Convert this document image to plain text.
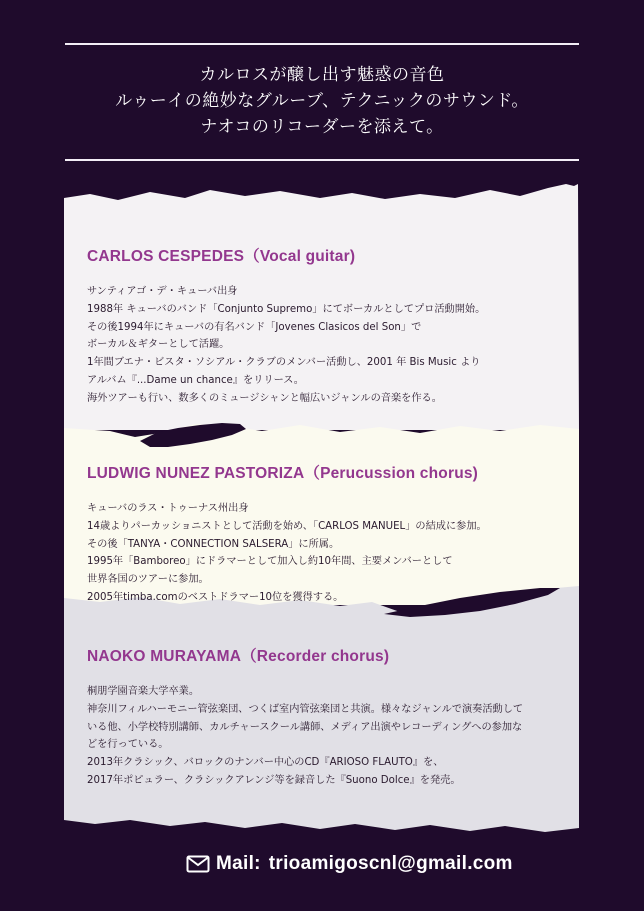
カルロスが醸し出す魅惑の音色
ルゥーイの絶妙なグルーブ、テクニックのサウンド。
ナオコのリコーダーを添えて。
CARLOS CESPEDES（Vocal guitar)
サンティアゴ・デ・キューバ出身
1988年 キューバのバンド「Conjunto Supremo」にてボーカルとしてプロ活動開始。
その後1994年にキューバの有名バンド「Jovenes Clasicos del Son」で
ボーカル＆ギターとして活躍。
1年間ブエナ・ビスタ・ソシアル・クラブのメンバー活動し、2001 年 Bis Music より
アルバム『...Dame un chance』をリリース。
海外ツアーも行い、数多くのミュージシャンと幅広いジャンルの音楽を作る。
LUDWIG NUNEZ PASTORIZA（Perucussion chorus)
キューバのラス・トゥーナス州出身
14歳よりパーカッショニストとして活動を始め、「CARLOS MANUEL」の結成に参加。
その後「TANYA・CONNECTION SALSERA」に所属。
1995年「Bamboreo」にドラマーとして加入し約10年間、主要メンバーとして
世界各国のツアーに参加。
2005年timba.comのベストドラマー10位を獲得する。
NAOKO MURAYAMA（Recorder chorus)
桐朋学園音楽大学卒業。
神奈川フィルハーモニー管弦楽団、つくば室内管弦楽団と共演。様々なジャンルで演奏活動して
いる他、小学校特別講師、カルチャースクール講師、メディア出演やレコーディングへの参加な
どを行っている。
2013年クラシック、バロックのナンバー中心のCD『ARIOSO FLAUTO』を、
2017年ポピュラー、クラシックアレンジ等を録音した『Suono Dolce』を発売。
Mail: trioamigoscnl@gmail.com
